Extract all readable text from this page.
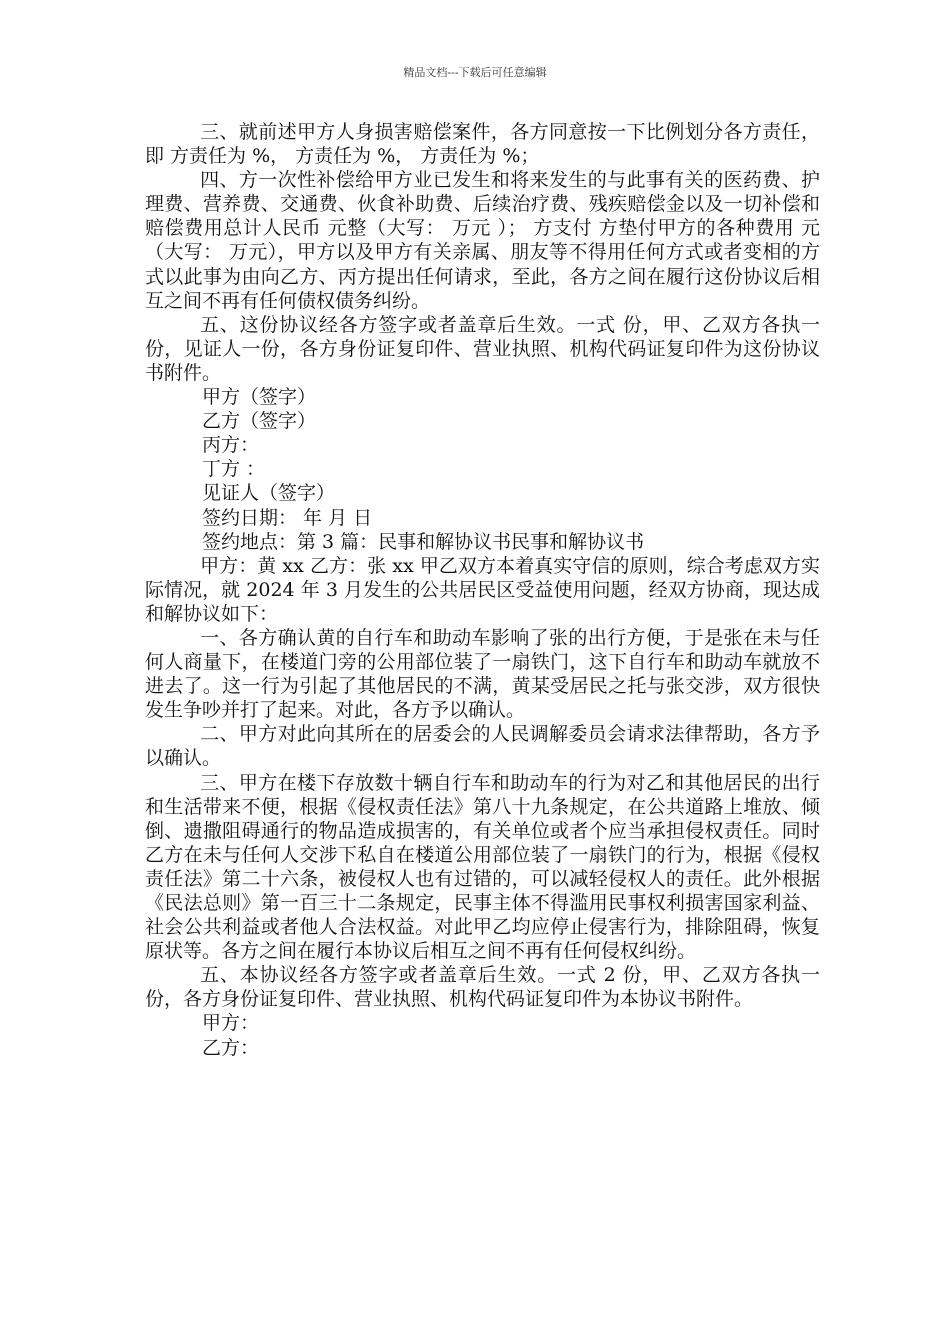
精品文档---下载后可任意编辑

三、就前述甲方人身损害赔偿案件，各方同意按一下比例划分各方责任，即 方责任为 %， 方责任为 %， 方责任为 %；

四、方一次性补偿给甲方业已发生和将来发生的与此事有关的医药费、护理费、营养费、交通费、伙食补助费、后续治疗费、残疾赔偿金以及一切补偿和赔偿费用总计人民币 元整（大写： 万元 ）； 方支付 方垫付甲方的各种费用 元（大写： 万元），甲方以及甲方有关亲属、朋友等不得用任何方式或者变相的方式以此事为由向乙方、丙方提出任何请求，至此，各方之间在履行这份协议后相互之间不再有任何债权债务纠纷。

五、这份协议经各方签字或者盖章后生效。一式 份，甲、乙双方各执一份，见证人一份，各方身份证复印件、营业执照、机构代码证复印件为这份协议书附件。

甲方（签字）

乙方（签字）

丙方：

丁方 ：

见证人（签字）

签约日期： 年 月 日

签约地点：第 3 篇：民事和解协议书民事和解协议书

甲方：黄 xx 乙方：张 xx 甲乙双方本着真实守信的原则，综合考虑双方实际情况，就 2024 年 3 月发生的公共居民区受益使用问题，经双方协商，现达成和解协议如下：

一、各方确认黄的自行车和助动车影响了张的出行方便，于是张在未与任何人商量下，在楼道门旁的公用部位装了一扇铁门，这下自行车和助动车就放不进去了。这一行为引起了其他居民的不满，黄某受居民之托与张交涉，双方很快发生争吵并打了起来。对此，各方予以确认。

二、甲方对此向其所在的居委会的人民调解委员会请求法律帮助，各方予以确认。

三、甲方在楼下存放数十辆自行车和助动车的行为对乙和其他居民的出行和生活带来不便，根据《侵权责任法》第八十九条规定，在公共道路上堆放、倾倒、遗撒阻碍通行的物品造成损害的，有关单位或者个应当承担侵权责任。同时乙方在未与任何人交涉下私自在楼道公用部位装了一扇铁门的行为，根据《侵权责任法》第二十六条，被侵权人也有过错的，可以减轻侵权人的责任。此外根据《民法总则》第一百三十二条规定，民事主体不得滥用民事权利损害国家利益、社会公共利益或者他人合法权益。对此甲乙均应停止侵害行为，排除阻碍，恢复原状等。各方之间在履行本协议后相互之间不再有任何侵权纠纷。

五、本协议经各方签字或者盖章后生效。一式 2 份，甲、乙双方各执一份，各方身份证复印件、营业执照、机构代码证复印件为本协议书附件。

甲方：

乙方：
